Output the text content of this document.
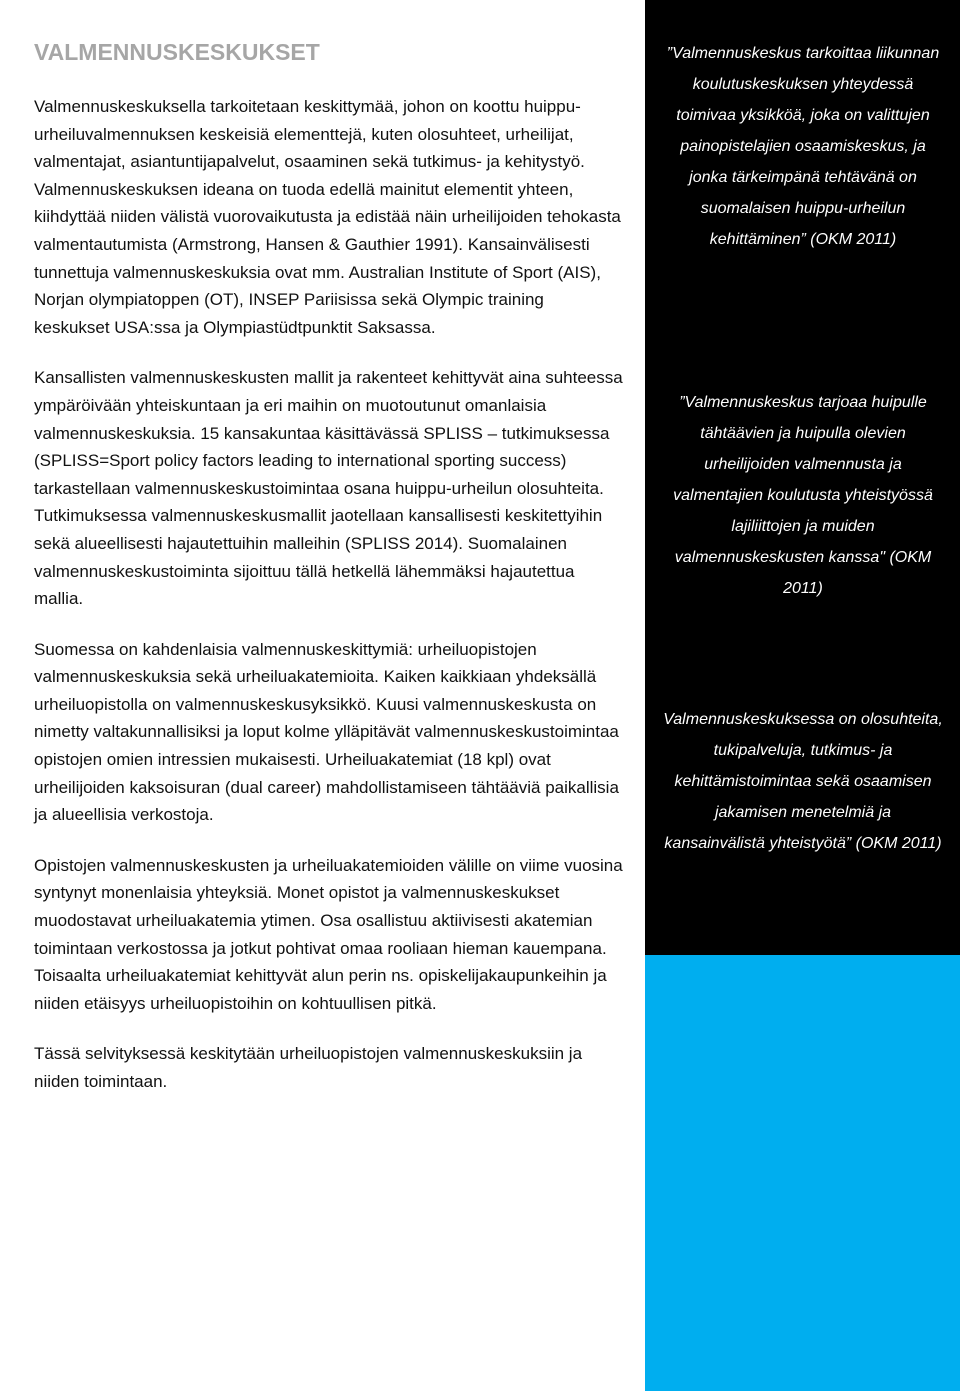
VALMENNUSKESKUKSET

Valmennuskeskuksella tarkoitetaan keskittymää, johon on koottu huippu-urheiluvalmennuksen keskeisiä elementtejä, kuten olosuhteet, urheilijat, valmentajat, asiantuntijapalvelut, osaaminen sekä tutkimus- ja kehitystyö. Valmennuskeskuksen ideana on tuoda edellä mainitut elementit yhteen, kiihdyttää niiden välistä vuorovaikutusta ja edistää näin urheilijoiden tehokasta valmentautumista (Armstrong, Hansen & Gauthier 1991). Kansainvälisesti tunnettuja valmennuskeskuksia ovat mm. Australian Institute of Sport (AIS), Norjan olympiatoppen (OT), INSEP Pariisissa sekä Olympic training keskukset USA:ssa ja Olympiastüdtpunktit Saksassa.

Kansallisten valmennuskeskusten mallit ja rakenteet kehittyvät aina suhteessa ympäröivään yhteiskuntaan ja eri maihin on muotoutunut omanlaisia valmennuskeskuksia. 15 kansakuntaa käsittävässä SPLISS – tutkimuksessa (SPLISS=Sport policy factors leading to international sporting success) tarkastellaan valmennuskeskustoimintaa osana huippu-urheilun olosuhteita. Tutkimuksessa valmennuskeskusmallit jaotellaan kansallisesti keskitettyihin sekä alueellisesti hajautettuihin malleihin (SPLISS 2014). Suomalainen valmennuskeskustoiminta sijoittuu tällä hetkellä lähemmäksi hajautettua mallia.

Suomessa on kahdenlaisia valmennuskeskittymiä: urheiluopistojen valmennuskeskuksia sekä urheiluakatemioita. Kaiken kaikkiaan yhdeksällä urheiluopistolla on valmennuskeskusyksikkö. Kuusi valmennuskeskusta on nimetty valtakunnallisiksi ja loput kolme ylläpitävät valmennuskeskustoimintaa opistojen omien intressien mukaisesti. Urheiluakatemiat (18 kpl) ovat urheilijoiden kaksoisuran (dual career) mahdollistamiseen tähtääviä paikallisia ja alueellisia verkostoja.

Opistojen valmennuskeskusten ja urheiluakatemioiden välille on viime vuosina syntynyt monenlaisia yhteyksiä. Monet opistot ja valmennuskeskukset muodostavat urheiluakatemia ytimen. Osa osallistuu aktiivisesti akatemian toimintaan verkostossa ja jotkut pohtivat omaa rooliaan hieman kauempana. Toisaalta urheiluakatemiat kehittyvät alun perin ns. opiskelijakaupunkeihin ja niiden etäisyys urheiluopistoihin on kohtuullisen pitkä.

Tässä selvityksessä keskitytään urheiluopistojen valmennuskeskuksiin ja niiden toimintaan.

”Valmennuskeskus tarkoittaa liikunnan koulutuskeskuksen yhteydessä toimivaa yksikköä, joka on valittujen painopistelajien osaamiskeskus, ja jonka tärkeimpänä tehtävänä on suomalaisen huippu-urheilun kehittäminen” (OKM 2011)

”Valmennuskeskus tarjoaa huipulle tähtäävien ja huipulla olevien urheilijoiden valmennusta ja valmentajien koulutusta yhteistyössä lajiliittojen ja muiden valmennuskeskusten kanssa" (OKM 2011)

Valmennuskeskuksessa on olosuhteita, tukipalveluja, tutkimus- ja kehittämistoimintaa sekä osaamisen jakamisen menetelmiä ja kansainvälistä yhteistyötä” (OKM 2011)
